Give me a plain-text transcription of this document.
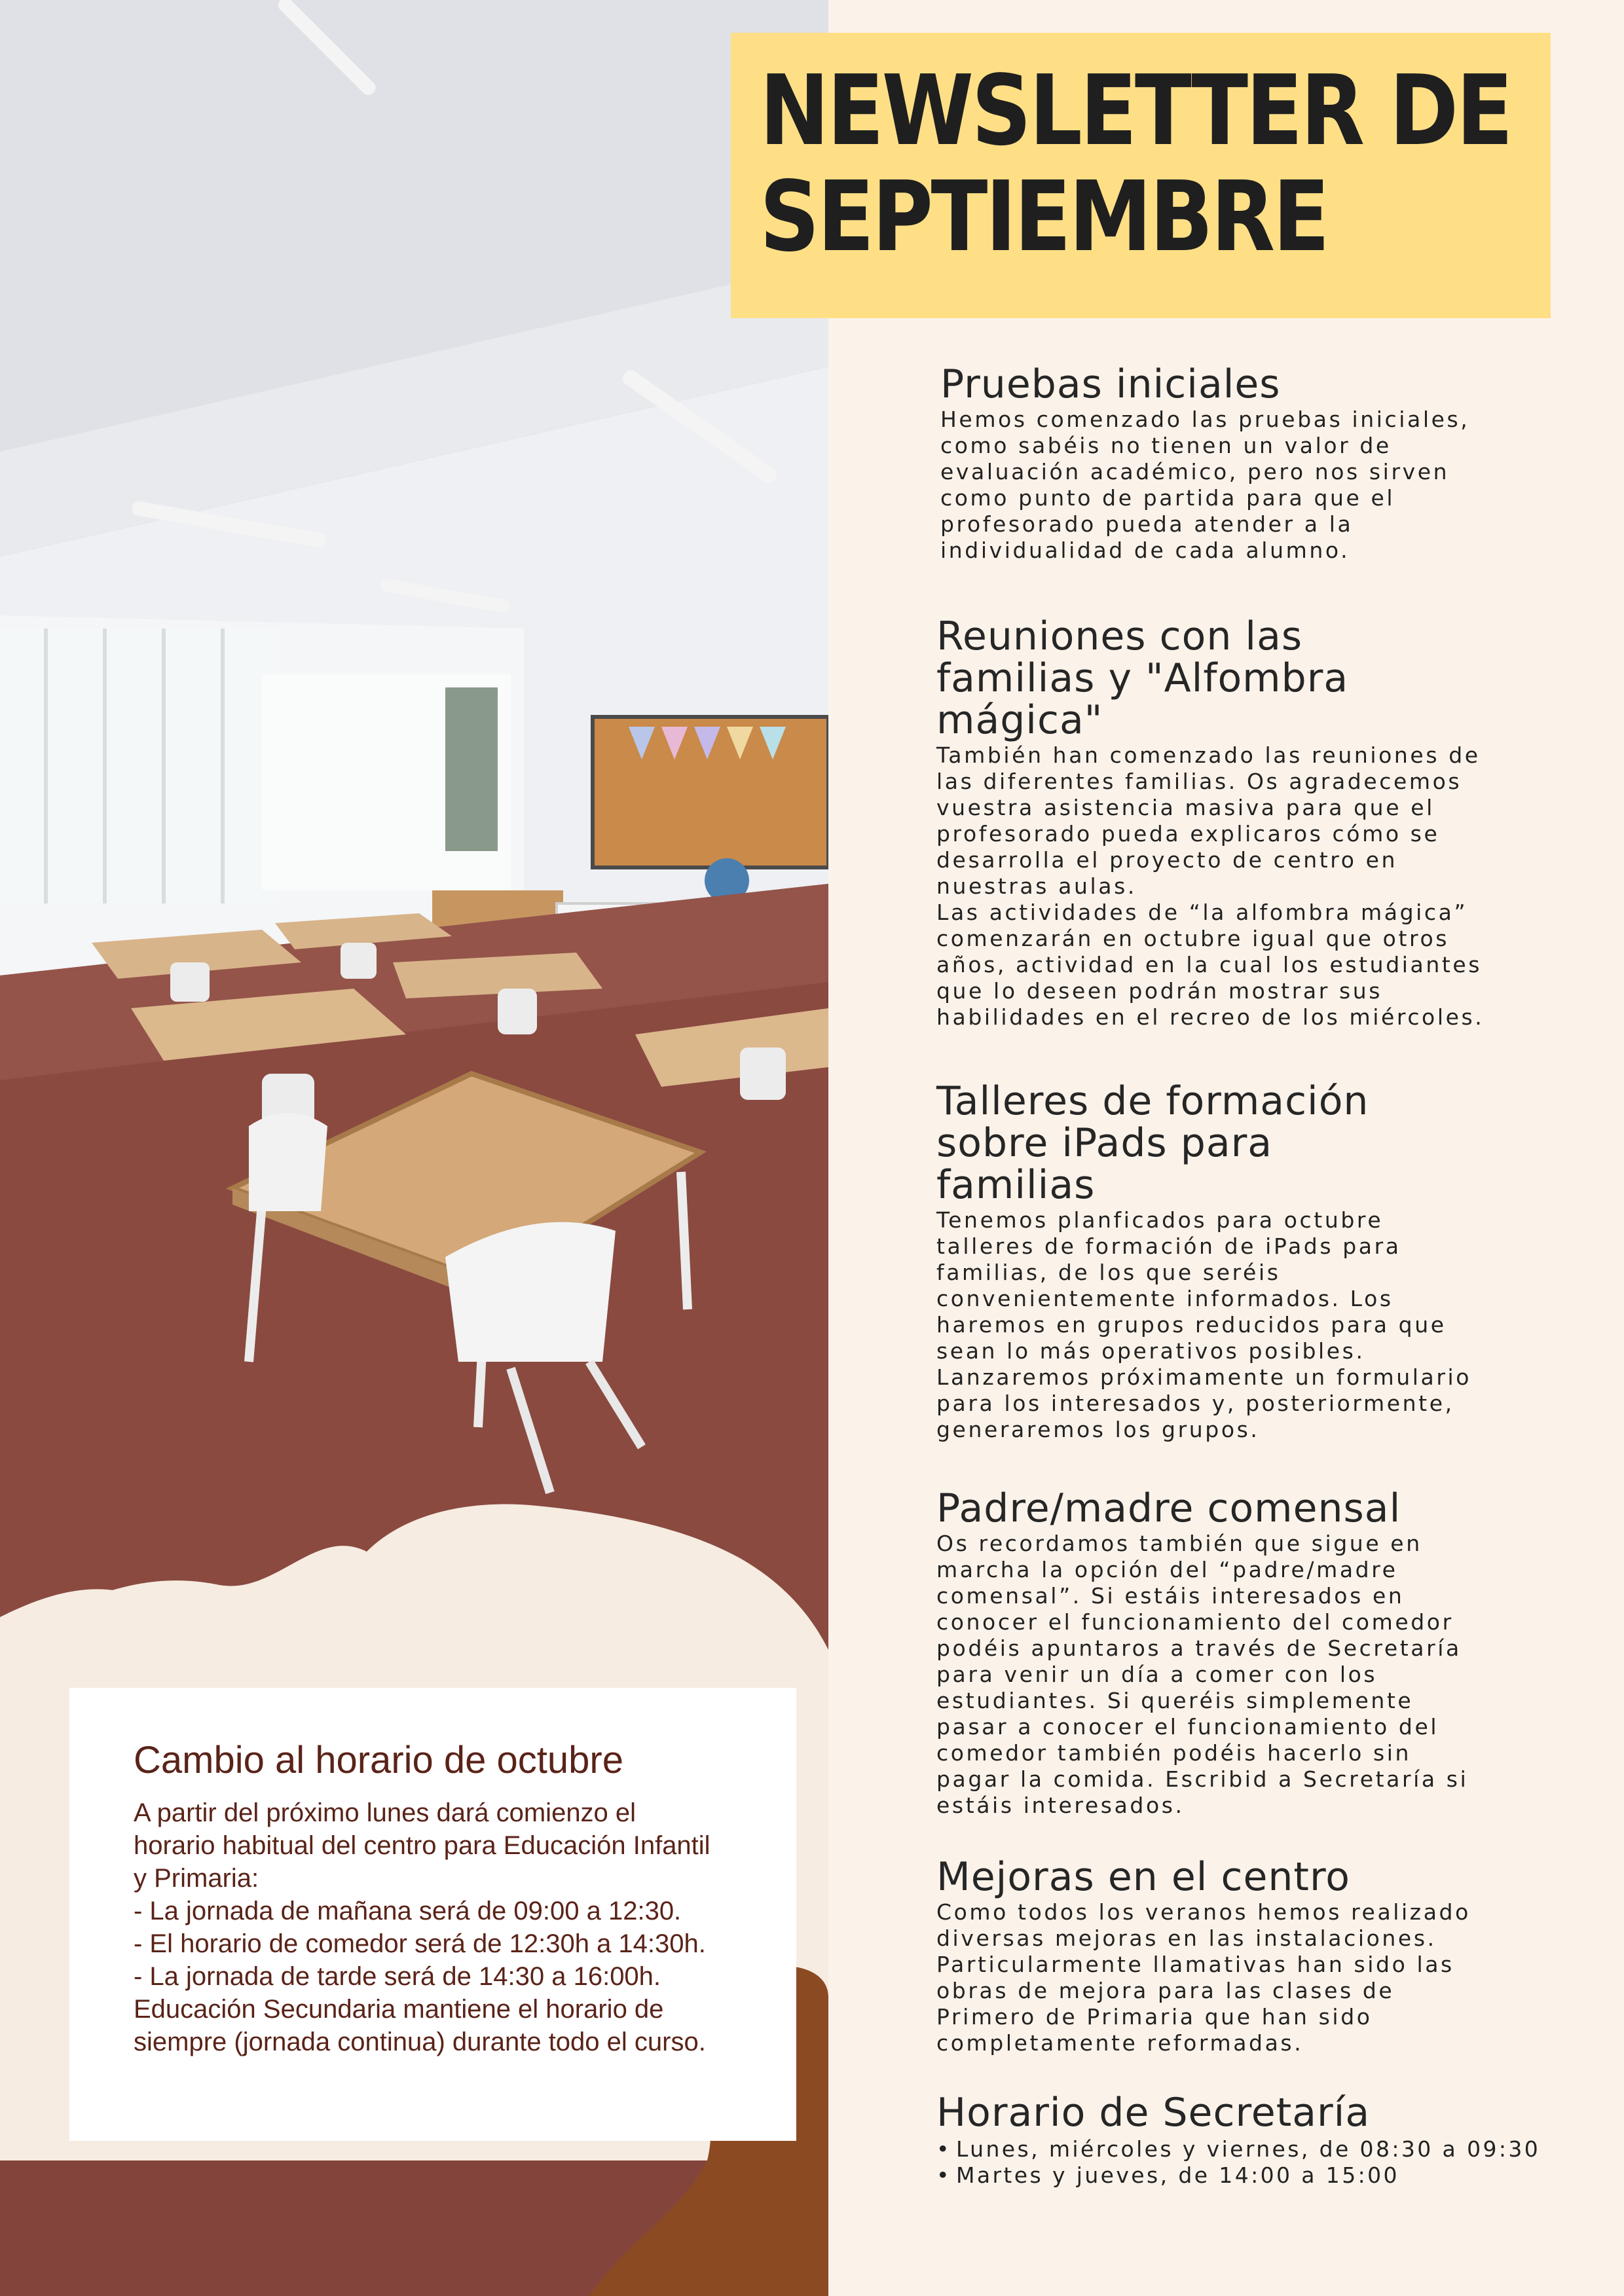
NEWSLETTER DE
SEPTIEMBRE
Pruebas iniciales

Hemos comenzado las pruebas iniciales,
como sabéis no tienen un valor de
evaluación académico, pero nos sirven
como punto de partida para que el
profesorado pueda atender a la
individualidad de cada alumno.

Reuniones con las
familias y "Alfombra
mágica"

También han comenzado las reuniones de
las diferentes familias. Os agradecemos
vuestra asistencia masiva para que el
profesorado pueda explicaros cómo se
desarrolla el proyecto de centro en
nuestras aulas.
Las actividades de “la alfombra mágica”
comenzarán en octubre igual que otros
años, actividad en la cual los estudiantes
que lo deseen podrán mostrar sus
habilidades en el recreo de los miércoles.

Talleres de formación
sobre iPads para
familias

Tenemos planficados para octubre
talleres de formación de iPads para
familias, de los que seréis
convenientemente informados. Los
haremos en grupos reducidos para que
sean lo más operativos posibles.
Lanzaremos próximamente un formulario
para los interesados y, posteriormente,
generaremos los grupos.

Padre/madre comensal

Os recordamos también que sigue en
marcha la opción del “padre/madre
comensal”. Si estáis interesados en
conocer el funcionamiento del comedor
podéis apuntaros a través de Secretaría
para venir un día a comer con los
estudiantes. Si queréis simplemente
pasar a conocer el funcionamiento del
comedor también podéis hacerlo sin
pagar la comida. Escribid a Secretaría si
estáis interesados.

Mejoras en el centro

Como todos los veranos hemos realizado
diversas mejoras en las instalaciones.
Particularmente llamativas han sido las
obras de mejora para las clases de
Primero de Primaria que han sido
completamente reformadas.

Horario de Secretaría
• Lunes, miércoles y viernes, de 08:30 a 09:30
• Martes y jueves, de 14:00 a 15:00
Cambio al horario de octubre
A partir del próximo lunes dará comienzo el
horario habitual del centro para Educación Infantil
y Primaria:
- La jornada de mañana será de 09:00 a 12:30.
- El horario de comedor será de 12:30h a 14:30h.
- La jornada de tarde será de 14:30 a 16:00h.
Educación Secundaria mantiene el horario de
siempre (jornada continua) durante todo el curso.
